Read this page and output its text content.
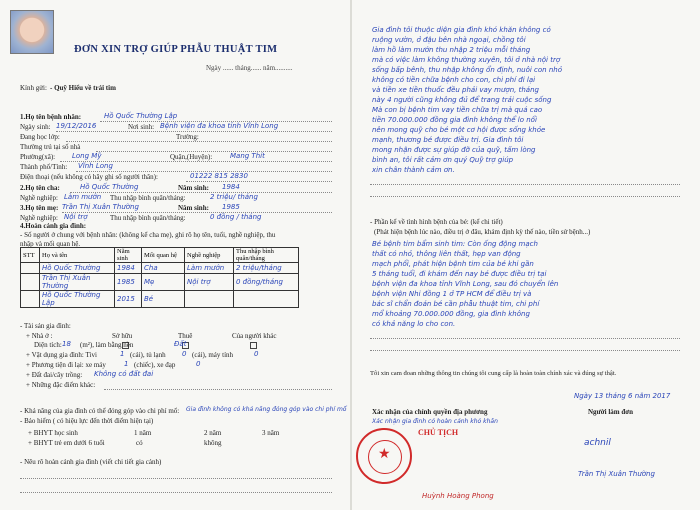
ĐƠN XIN TRỢ GIÚP PHẪU THUẬT TIM
Ngày ...... tháng...... năm..........
Kính gửi: - Quỹ Hiểu về trái tim
1.Họ tên bệnh nhân:	Hồ Quốc Thường Lập
Ngày sinh: 19/12/2016	Nơi sinh: Bệnh viện đa khoa tỉnh Vĩnh Long
Đang học lớp:	Trường:
Thường trú tại số nhà
Phường(xã): Long Mỹ	Quận,(Huyện):	Mang Thít
Thành phố/Tỉnh: Vĩnh Long
Điện thoại (nếu không có hãy ghi số người thân):	01222 815 2830
2.Họ tên cha:	Hồ Quốc Thường	Năm sinh: 1984
Nghề nghiệp: Làm mướn Thu nhập bình quân/tháng:	2 triệu/ tháng
3.Họ tên mẹ: Trần Thị Xuân Thường	Năm sinh: 1985
Nghề nghiệp: Nội trợ	Thu nhập bình quân/tháng:	0 đồng / tháng
4.Hoàn cảnh gia đình:
- Số người ở chung với bệnh nhân: (không kể cha mẹ), ghi rõ họ tên, tuổi, nghề nghiệp, thu
nhập và mối quan hệ.
STT	Họ và tên	Năm sinh	Mối quan hệ	Nghề nghiệp	Thu nhập bình quân/tháng
	Hồ Quốc Thường	1984	Cha	Làm mướn	2 triệu/tháng
	Trần Thị Xuân Thường	1985	Mẹ	Nội trợ	0 đồng/tháng
	Hồ Quốc Thường Lập	2015	Bé		
- Tài sản gia đình:
+ Nhà ở :	Sở hữu	Thuê	Của người khác
Diện tích: 18 (m²), làm bằng nền	Đất
+ Vật dụng gia đình: Tivi	1 (cái), tủ lạnh 0 (cái), máy tính	0
+ Phương tiện đi lại: xe máy	1 (chiếc), xe đạp	0
+ Đất đai/cây trồng: Không có đất đai
+ Những đặc điểm khác:
- Khả năng của gia đình có thể đóng góp vào chi phí mổ: Gia đình không có khả năng đóng góp vào chi phí mổ
- Bảo hiểm ( có hiệu lực đến thời điểm hiện tại)
+ BHYT học sinh	1 năm	2 năm	3 năm
+ BHYT trẻ em dưới 6 tuổi	có	không
- Nêu rõ hoàn cảnh gia đình (viết chi tiết gia cảnh)
Gia đình tôi thuộc diện gia đình khó khăn không có
ruộng vườn, ở đậu bên nhà ngoại, chồng tôi
làm hồ làm mướn thu nhập 2 triệu mỗi tháng
mà có việc làm không thường xuyên, tôi ở nhà nội trợ
sống bấp bênh, thu nhập không ổn định, nuôi con nhỏ
không có tiền chữa bệnh cho con, chi phí đi lại
và tiền xe tiền thuốc đều phải vay mượn, tháng
này 4 người cũng không đủ để trang trải cuộc sống
Mà con bị bệnh tim vay tiền chữa trị mà quá cao
tiền 70.000.000 đồng gia đình không thể lo nổi
nên mong quỹ cho bé một cơ hội được sống khỏe
mạnh, thương bé được điều trị. Gia đình tôi
mong nhận được sự giúp đỡ của quỹ, tấm lòng
bình an, tôi rất cảm ơn quý Quỹ trợ giúp
xin chân thành cảm ơn.
- Phần kể về tình hình bệnh của bé: (kể chi tiết)
(Phát hiện bệnh lúc nào, điều trị ở đâu, khám định kỳ thế nào, tiền sử bệnh...)
Bé bệnh tim bẩm sinh tim: Còn ống động mạch
thất có nhỏ, thông liên thất, hẹp van động
mạch phổi, phát hiện bệnh tim của bé khi gần
5 tháng tuổi, đi khám đến nay bé được điều trị tại
bệnh viện đa khoa tỉnh Vĩnh Long, sau đó chuyển lên
bệnh viện Nhi đồng 1 ở TP HCM để điều trị và
bác sĩ chẩn đoán bé cần phẫu thuật tim, chi phí
mổ khoảng 70.000.000 đồng, gia đình không
có khả năng lo cho con.
Tôi xin cam đoan những thông tin chúng tôi cung cấp là hoàn toàn chính xác và đúng sự thật.
Ngày 13 tháng 6 năm 2017
Xác nhận của chính quyền địa phương
Xác nhận gia đình có hoàn cảnh khó khăn
Người làm đơn
★
CHỦ TỊCH
Huỳnh Hoàng Phong
achnil
Trần Thị Xuân Thường
